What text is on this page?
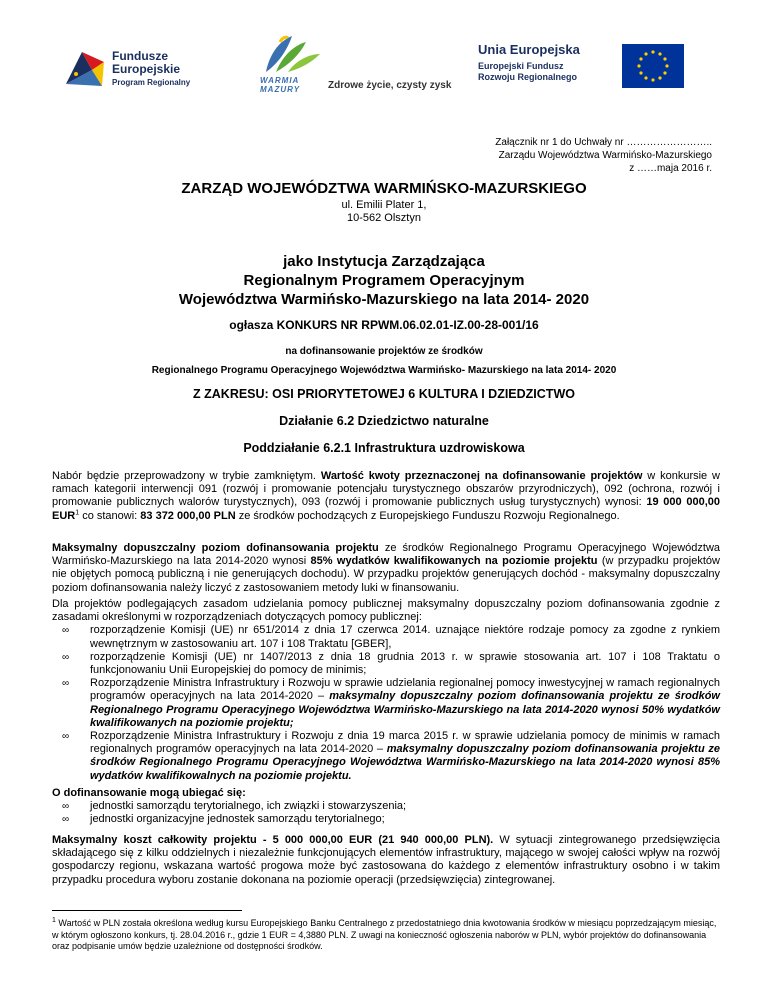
Fundusze
Europejskie
Program Regionalny	WARMIA
MAZURY	Zdrowe życie, czysty zysk
Unia Europejska
Europejski Fundusz
Rozwoju Regionalnego
Załącznik nr 1 do Uchwały nr ……………………..
Zarządu Województwa Warmińsko-Mazurskiego
z ……maja 2016 r.
ZARZĄD WOJEWÓDZTWA WARMIŃSKO-MAZURSKIEGO
ul. Emilii Plater 1,
10-562 Olsztyn
jako Instytucja Zarządzająca
Regionalnym Programem Operacyjnym
Województwa Warmińsko-Mazurskiego na lata 2014- 2020
ogłasza KONKURS NR RPWM.06.02.01-IZ.00-28-001/16
na dofinansowanie projektów ze środków
Regionalnego Programu Operacyjnego Województwa Warmińsko- Mazurskiego na lata 2014- 2020
Z ZAKRESU: OSI PRIORYTETOWEJ 6 KULTURA I DZIEDZICTWO
Działanie 6.2 Dziedzictwo naturalne
Poddziałanie 6.2.1 Infrastruktura uzdrowiskowa

Nabór będzie przeprowadzony w trybie zamkniętym. Wartość kwoty przeznaczonej na dofinansowanie projektów w konkursie w ramach kategorii interwencji 091 (rozwój i promowanie potencjału turystycznego obszarów przyrodniczych), 092 (ochrona, rozwój i promowanie publicznych walorów turystycznych), 093 (rozwój i promowanie publicznych usług turystycznych) wynosi: 19 000 000,00 EUR$^1$ co stanowi: 83 372 000,00 PLN ze środków pochodzących z Europejskiego Funduszu Rozwoju Regionalnego.

Maksymalny dopuszczalny poziom dofinansowania projektu ze środków Regionalnego Programu Operacyjnego Województwa Warmińsko-Mazurskiego na lata 2014-2020 wynosi 85% wydatków kwalifikowanych na poziomie projektu (w przypadku projektów nie objętych pomocą publiczną i nie generujących dochodu). W przypadku projektów generujących dochód - maksymalny dopuszczalny poziom dofinansowania należy liczyć z zastosowaniem metody luki w finansowaniu.

Dla projektów podlegających zasadom udzielania pomocy publicznej maksymalny dopuszczalny poziom dofinansowania zgodnie z zasadami określonymi w rozporządzeniach dotyczących pomocy publicznej:

∞ rozporządzenie Komisji (UE) nr 651/2014 z dnia 17 czerwca 2014. uznające niektóre rodzaje pomocy za zgodne z rynkiem wewnętrznym w zastosowaniu art. 107 i 108 Traktatu [GBER],
∞ rozporządzenie Komisji (UE) nr 1407/2013 z dnia 18 grudnia 2013 r. w sprawie stosowania art. 107 i 108 Traktatu o funkcjonowaniu Unii Europejskiej do pomocy de minimis;
∞ Rozporządzenie Ministra Infrastruktury i Rozwoju w sprawie udzielania regionalnej pomocy inwestycyjnej w ramach regionalnych programów operacyjnych na lata 2014-2020 – maksymalny dopuszczalny poziom dofinansowania projektu ze środków Regionalnego Programu Operacyjnego Województwa Warmińsko-Mazurskiego na lata 2014-2020 wynosi 50% wydatków kwalifikowanych na poziomie projektu;
∞ Rozporządzenie Ministra Infrastruktury i Rozwoju z dnia 19 marca 2015 r. w sprawie udzielania pomocy de minimis w ramach regionalnych programów operacyjnych na lata 2014-2020 – maksymalny dopuszczalny poziom dofinansowania projektu ze środków Regionalnego Programu Operacyjnego Województwa Warmińsko-Mazurskiego na lata 2014-2020 wynosi 85% wydatków kwalifikowalnych na poziomie projektu.

O dofinansowanie mogą ubiegać się:

∞ jednostki samorządu terytorialnego, ich związki i stowarzyszenia;
∞ jednostki organizacyjne jednostek samorządu terytorialnego;

Maksymalny koszt całkowity projektu - 5 000 000,00 EUR (21 940 000,00 PLN). W sytuacji zintegrowanego przedsięwzięcia składającego się z kilku oddzielnych i niezależnie funkcjonujących elementów infrastruktury, mającego w swojej całości wpływ na rozwój gospodarczy regionu, wskazana wartość progowa może być zastosowana do każdego z elementów infrastruktury osobno i w takim przypadku procedura wyboru zostanie dokonana na poziomie operacji (przedsięwzięcia) zintegrowanej.

$^1$ Wartość w PLN została określona według kursu Europejskiego Banku Centralnego z przedostatniego dnia kwotowania środków w miesiącu poprzedzającym miesiąc, w którym ogłoszono konkurs, tj. 28.04.2016 r., gdzie 1 EUR = 4,3880 PLN. Z uwagi na konieczność ogłoszenia naborów w PLN, wybór projektów do dofinansowania oraz podpisanie umów będzie uzależnione od dostępności środków.
